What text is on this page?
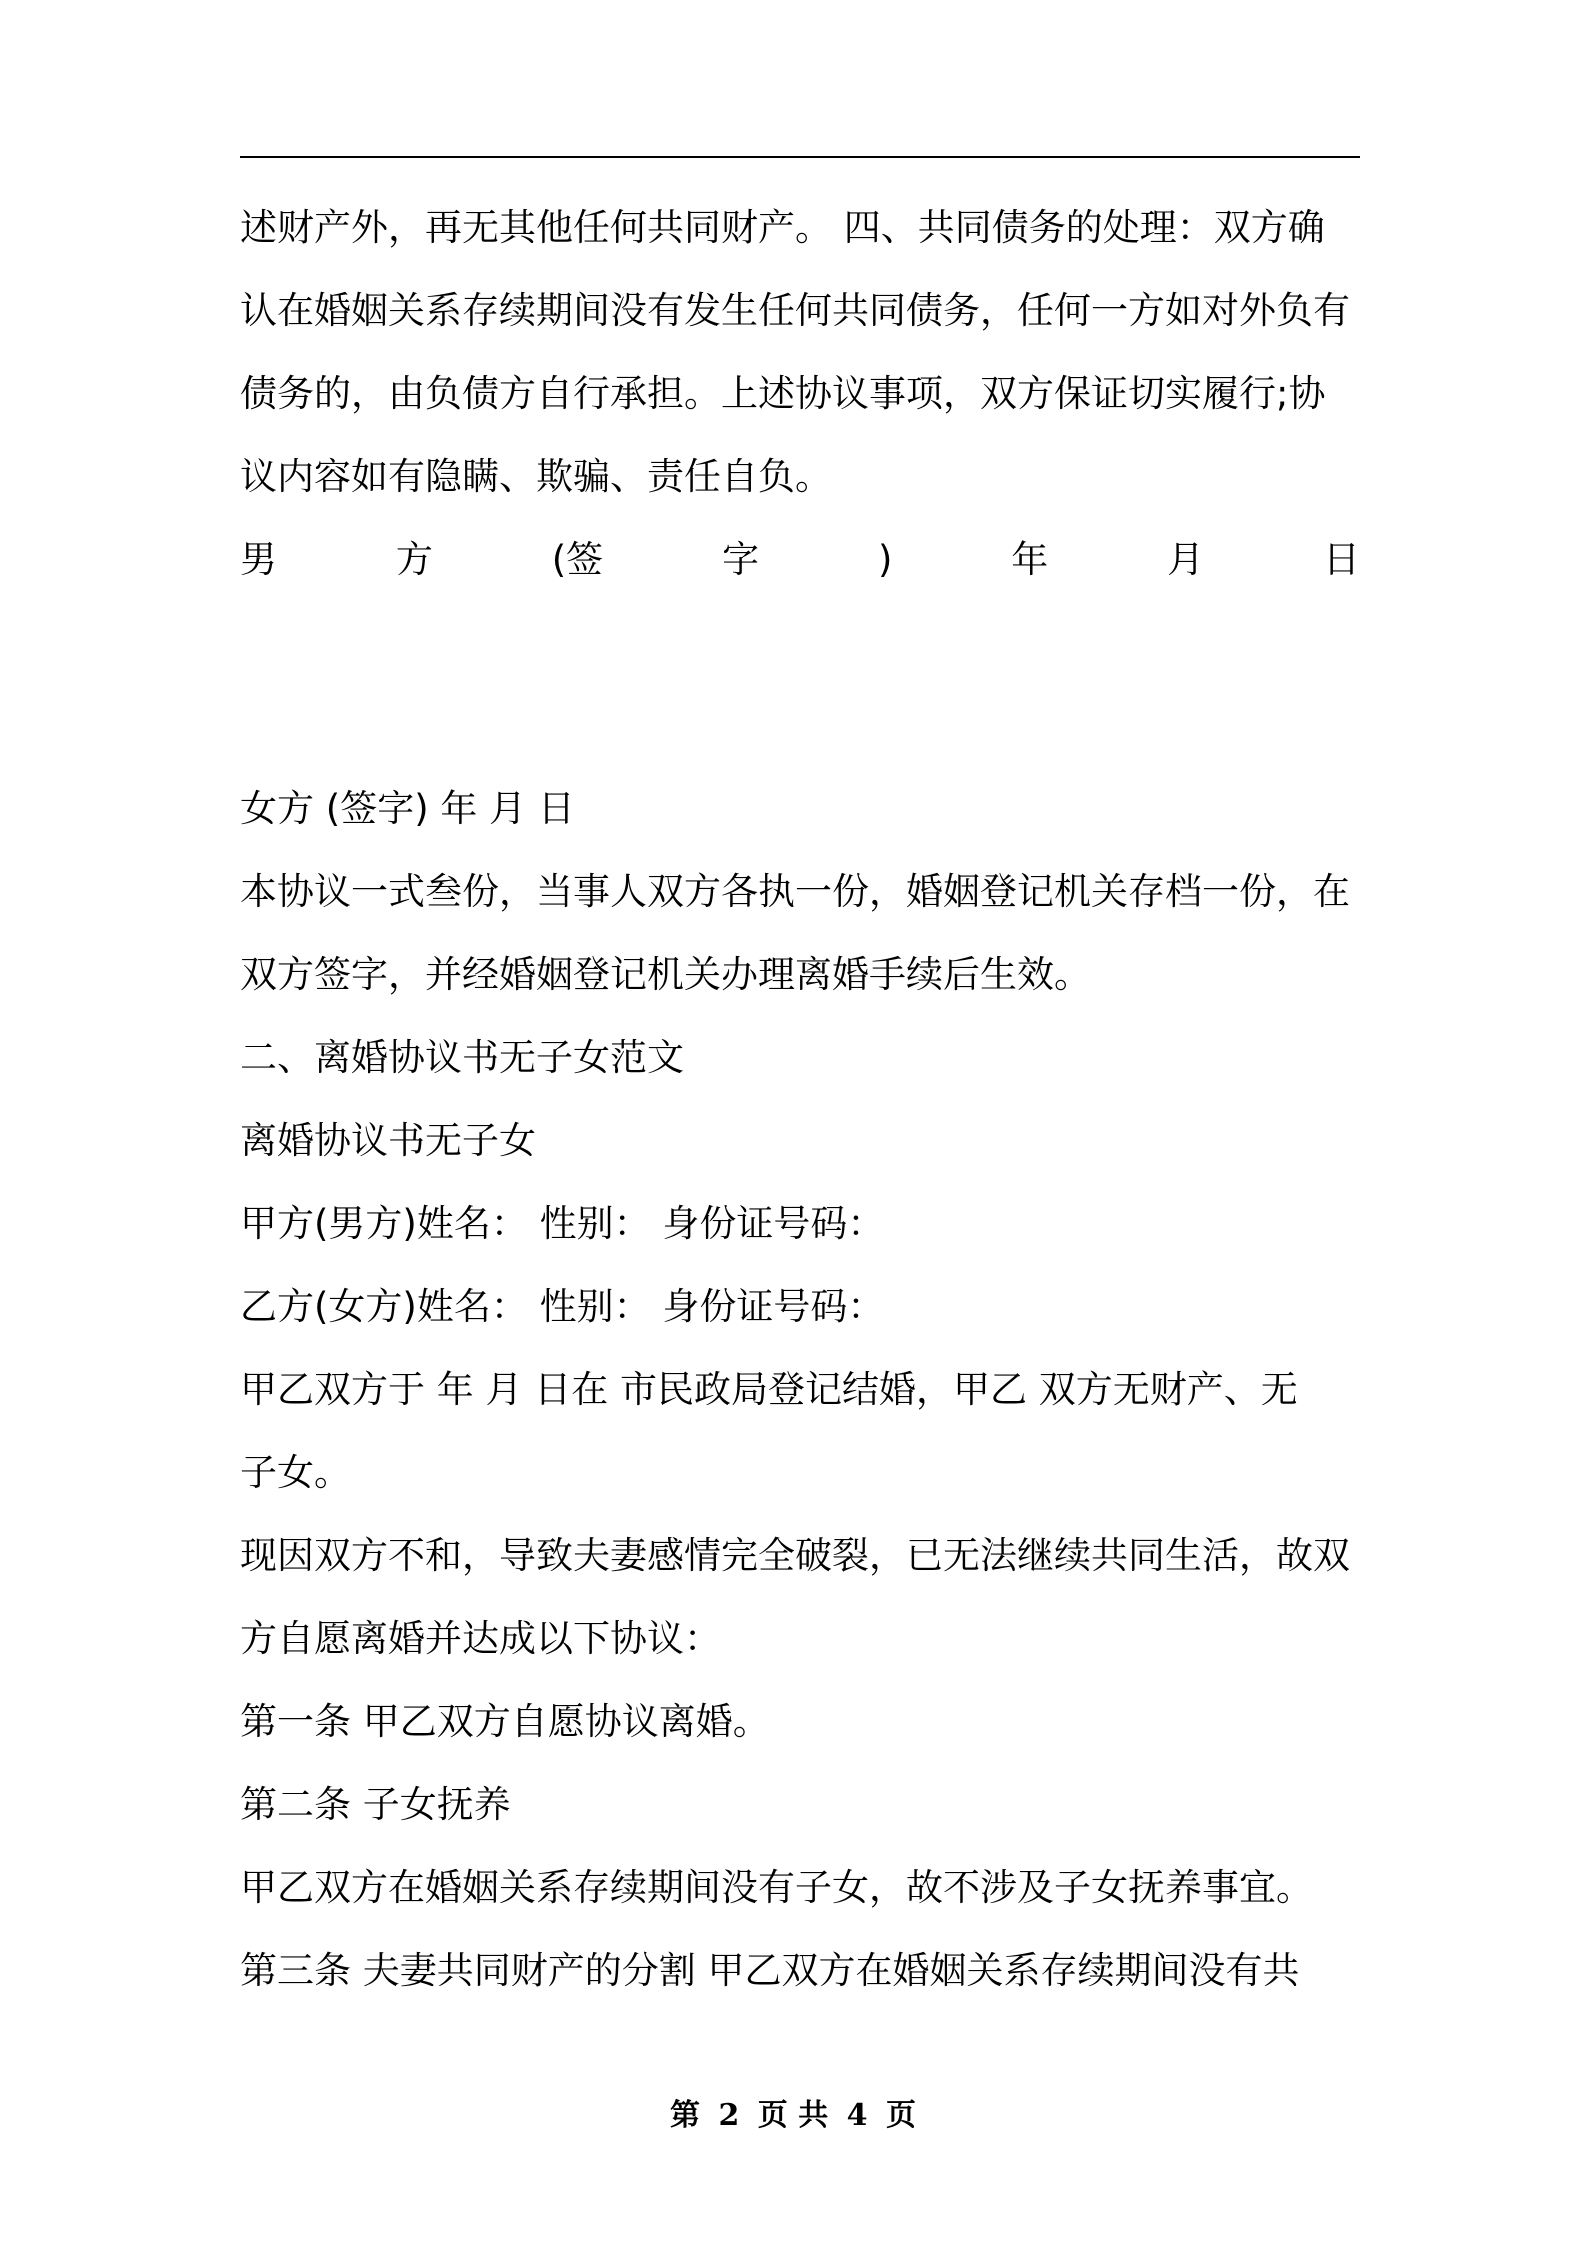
述财产外，再无其他任何共同财产。 四、共同债务的处理：双方确
认在婚姻关系存续期间没有发生任何共同债务，任何一方如对外负有
债务的，由负债方自行承担。上述协议事项，双方保证切实履行;协
议内容如有隐瞒、欺骗、责任自负。
男	方	(签	字	)	年	月	日
女方 (签字) 年 月 日
本协议一式叁份，当事人双方各执一份，婚姻登记机关存档一份，在
双方签字，并经婚姻登记机关办理离婚手续后生效。
二、离婚协议书无子女范文
离婚协议书无子女
甲方(男方)姓名： 性别： 身份证号码：
乙方(女方)姓名： 性别： 身份证号码：
甲乙双方于 年 月 日在 市民政局登记结婚，甲乙 双方无财产、无
子女。
现因双方不和，导致夫妻感情完全破裂，已无法继续共同生活，故双
方自愿离婚并达成以下协议：
第一条 甲乙双方自愿协议离婚。
第二条 子女抚养
甲乙双方在婚姻关系存续期间没有子女，故不涉及子女抚养事宜。
第三条 夫妻共同财产的分割 甲乙双方在婚姻关系存续期间没有共
第 2 页 共 4 页
